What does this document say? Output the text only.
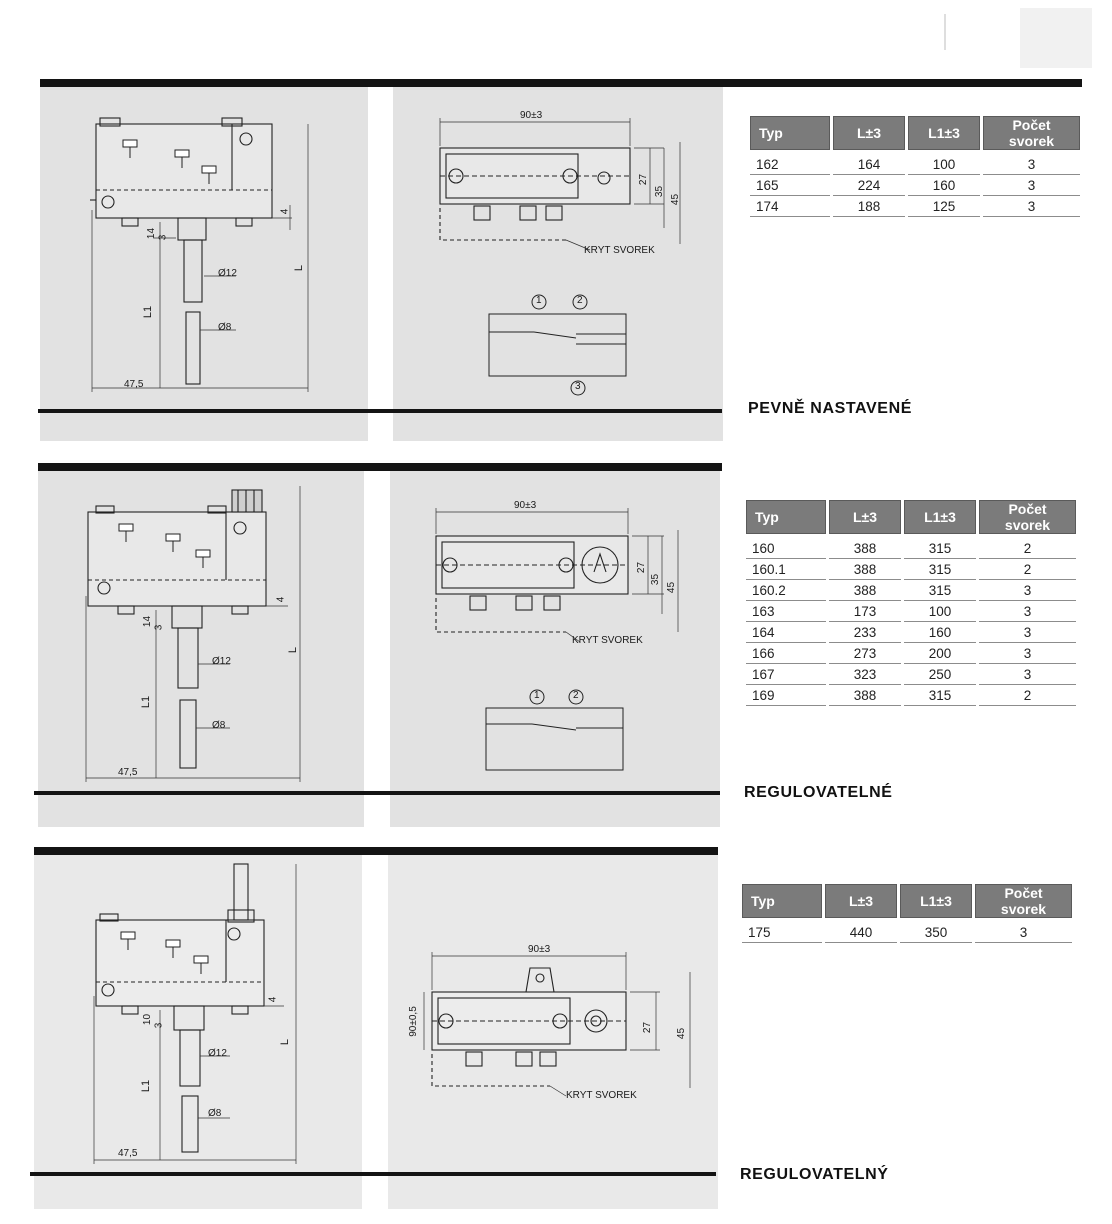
47,5
Ø12
Ø8
L
L1
14 3
4
90±3
27
35
45
KRYT SVOREK
1	2
3
Typ	L±3	L1±3	Počet svorek
162	164	100	3
165	224	160	3
174	188	125	3
PEVNĚ NASTAVENÉ
47,5
Ø12
Ø8
L
L1
14
3
4
90±3
27
35
45
KRYT SVOREK
1	2
Typ	L±3	L1±3	Počet svorek
160	388	315	2
160.1	388	315	2
160.2	388	315	3
163	173	100	3
164	233	160	3
166	273	200	3
167	323	250	3
169	388	315	2
REGULOVATELNÉ
47,5
Ø12
Ø8
L
L1
10
3
4
90±3
27
45
90±0,5
KRYT SVOREK
Typ	L±3	L1±3	Počet svorek
175	440	350	3
REGULOVATELNÝ
